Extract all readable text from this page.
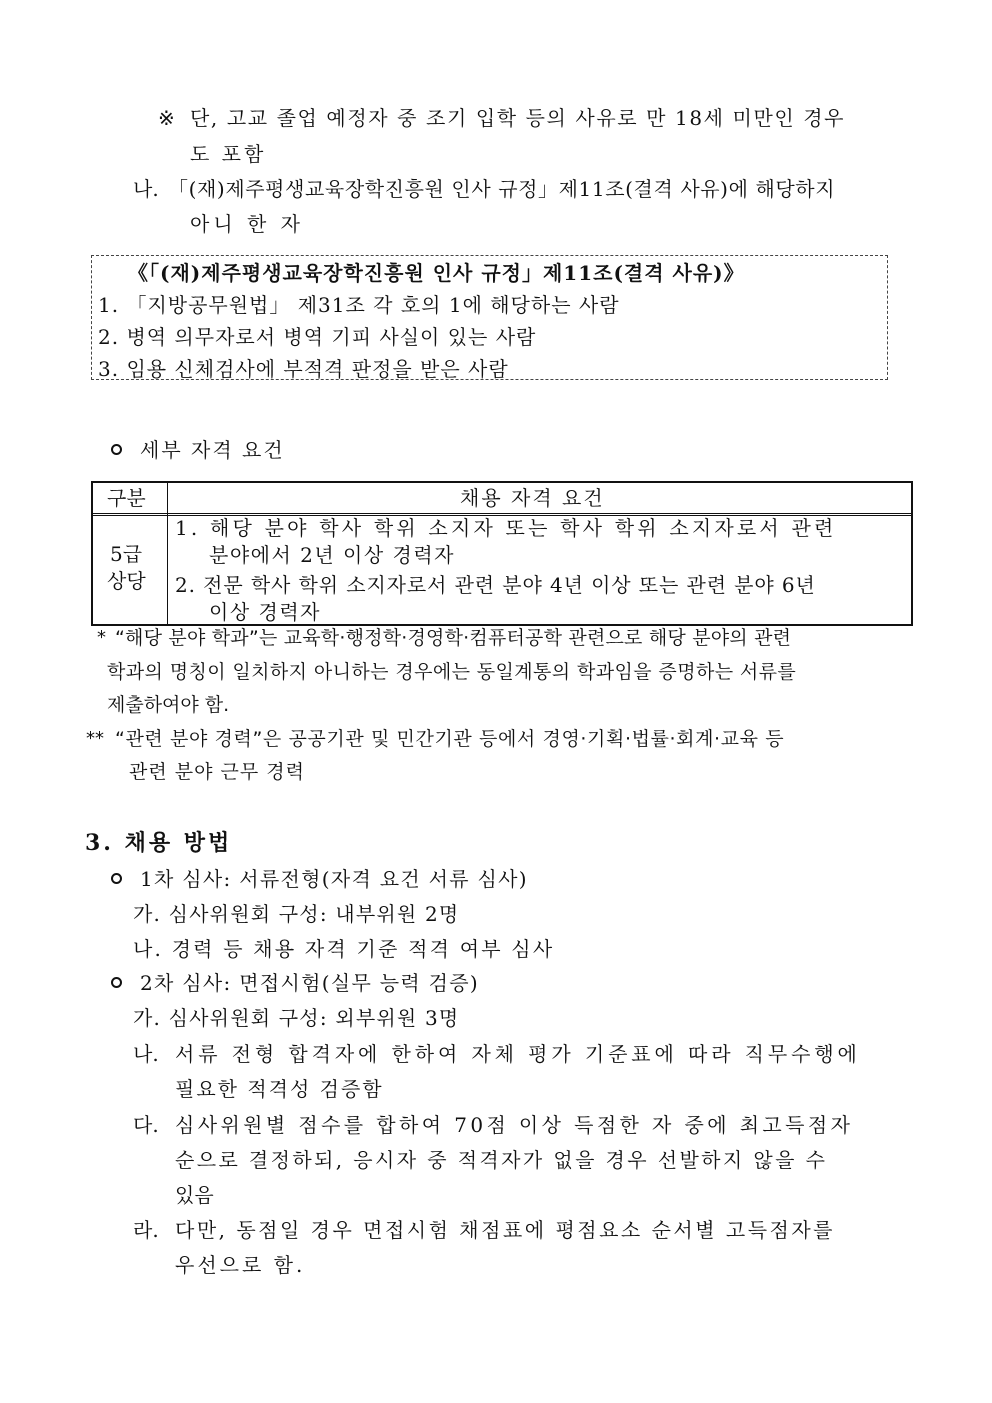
※ 단, 고교 졸업 예정자 중 조기 입학 등의 사유로 만 18세 미만인 경우
도 포함
나. 「(재)제주평생교육장학진흥원 인사 규정」제11조(결격 사유)에 해당하지
아니 한 자
《「(재)제주평생교육장학진흥원 인사 규정」제11조(결격 사유)》
1. 「지방공무원법」 제31조 각 호의 1에 해당하는 사람
2. 병역 의무자로서 병역 기피 사실이 있는 사람
3. 임용 신체검사에 부적격 판정을 받은 사람
세부 자격 요건
구분	채용 자격 요건
5급
상당
1. 해당 분야 학사 학위 소지자 또는 학사 학위 소지자로서 관련
분야에서 2년 이상 경력자
2. 전문 학사 학위 소지자로서 관련 분야 4년 이상 또는 관련 분야 6년
이상 경력자
* “해당 분야 학과”는 교육학·행정학·경영학·컴퓨터공학 관련으로 해당 분야의 관련
학과의 명칭이 일치하지 아니하는 경우에는 동일계통의 학과임을 증명하는 서류를
제출하여야 함.
** “관련 분야 경력”은 공공기관 및 민간기관 등에서 경영·기획·법률·회계·교육 등
관련 분야 근무 경력
3. 채용 방법
1차 심사: 서류전형(자격 요건 서류 심사)
가. 심사위원회 구성: 내부위원 2명
나. 경력 등 채용 자격 기준 적격 여부 심사
2차 심사: 면접시험(실무 능력 검증)
가. 심사위원회 구성: 외부위원 3명
나. 서류 전형 합격자에 한하여 자체 평가 기준표에 따라 직무수행에
필요한 적격성 검증함
다. 심사위원별 점수를 합하여 70점 이상 득점한 자 중에 최고득점자
순으로 결정하되, 응시자 중 적격자가 없을 경우 선발하지 않을 수
있음
라. 다만, 동점일 경우 면접시험 채점표에 평점요소 순서별 고득점자를
우선으로 함.
